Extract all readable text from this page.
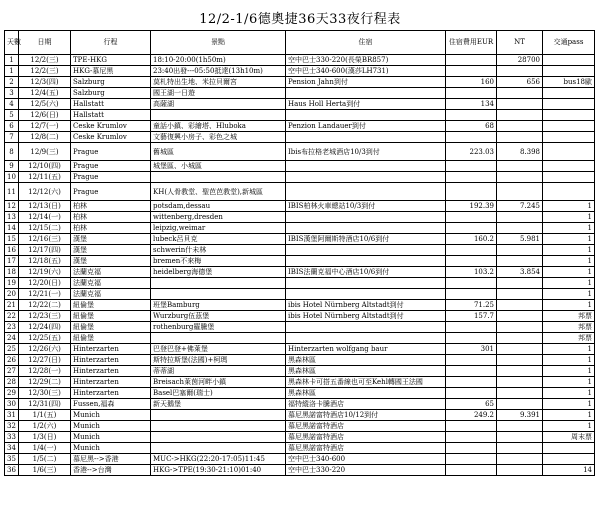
12/2-1/6德奧捷36天33夜行程表
天數	日期	行程	景點	住宿	住宿費用EUR	NT	交通pass
1	12/2(三)	TPE-HKG	18:10-20:00(1h50m)	空中巴士330-220(長榮BR857)		28700	
1	12/2(三)	HKG-慕尼黑	23:40出發---05:50抵達(13h10m)	空中巴士340-600(漢莎LH731)			
2	12/3(四)	Salzburg	莫札特出生地、米拉貝爾宮	Pension Jahn到付	160	656	bus18歐
3	12/4(五)	Salzburg	國王湖一日遊				
4	12/5(六)	Hallstatt	高薩湖	Haus Holl Herta到付	134		
5	12/6(日)	Hallstatt					
6	12/7(一)	Ceske Krumlov	童話小鎮、彩繪塔、Hluboka	Penzion Landauer到付	68		
7	12/8(二)	Ceske Krumlov	文藝復興小房子、彩色之城				
8	12/9(三)	Prague	舊城區	Ibis布拉格老城酒店10/3到付	223.03	8.398	
9	12/10(四)	Prague	城堡區、小城區				
10	12/11(五)	Prague					
11	12/12(六)	Prague	KH(人骨教堂、聖芭芭教堂),新城區				
12	12/13(日)	柏林	potsdam,dessau	IBIS柏林火車總站10/3到付	192.39	7.245	1
13	12/14(一)	柏林	wittenberg,dresden				1
14	12/15(二)	柏林	leipzig,weimar				1
15	12/16(三)	漢堡	lubeck呂貝克	IBIS漢堡阿爾斯特酒店10/6到付	160.2	5.981	1
16	12/17(四)	漢堡	schwerin什未林				1
17	12/18(五)	漢堡	bremen不來梅				1
18	12/19(六)	法蘭克福	heidelberg海德堡	IBIS法蘭克福中心酒店10/6到付	103.2	3.854	1
19	12/20(日)	法蘭克福					1
20	12/21(一)	法蘭克福					1
21	12/22(二)	紐倫堡	班堡Bamburg	ibis Hotel Nürnberg Altstadt到付	71.25		1
22	12/23(三)	紐倫堡	Wurzburg伍茲堡	ibis Hotel Nürnberg Altstadt到付	157.7		邦票
23	12/24(四)	紐倫堡	rothenburg羅騰堡				邦票
24	12/25(五)	紐倫堡					邦票
25	12/26(六)	Hinterzarten	巴登巴登+佛萊堡	Hinterzarten wolfgang baur	301		1
26	12/27(日)	Hinterzarten	斯特拉斯堡(法國)+柯瑪	黑森林區			1
27	12/28(一)	Hinterzarten	蒂蒂湖	黑森林區			1
28	12/29(二)	Hinterzarten	Breisach萊茵河畔小鎮	黑森林卡可搭五番線也可至Kehl轉國王法國			1
29	12/30(三)	Hinterzarten	Basel巴塞爾(瑞士)	黑森林區			1
30	12/31(四)	Fussen,福森	新天鵝堡	福特縱洛卡騰酒店	65		1
31	1/1(五)	Munich		慕尼黑諾富特酒店10/12到付	249.2	9.391	1
32	1/2(六)	Munich		慕尼黑諾富特酒店			1
33	1/3(日)	Munich		慕尼黑諾富特酒店			周末票
34	1/4(一)	Munich		慕尼黑諾富特酒店			
35	1/5(二)	慕尼黑-->香港	MUC->HKG(22:20-17:05)11:45	空中巴士340-600			
36	1/6(三)	香港-->台灣	HKG->TPE(19:30-21:10)01:40	空中巴士330-220			14
